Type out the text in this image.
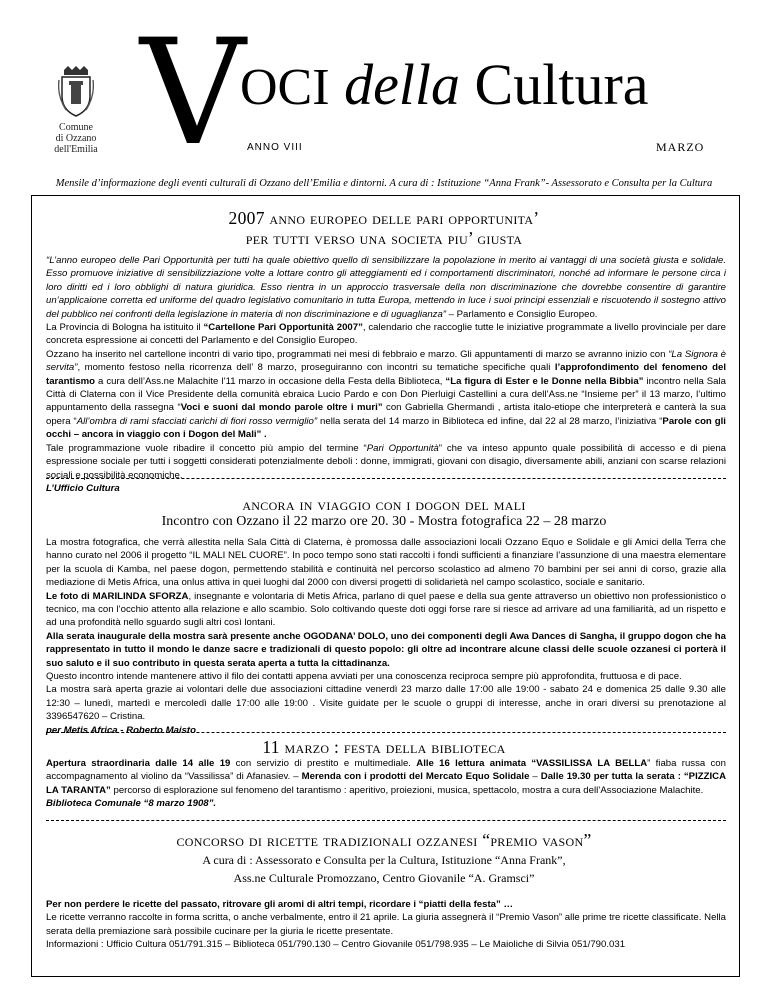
Comune
di Ozzano
dell'Emilia V
OCI della Cultura
ANNO VIII	MARZO
Mensile d’informazione degli eventi culturali di Ozzano dell’Emilia e dintorni. A cura di : Istituzione “Anna Frank”- Assessorato e Consulta per la Cultura
2007 anno europeo delle pari opportunita’
per tutti verso una societa piu’ giusta

“L’anno europeo delle Pari Opportunità per tutti ha quale obiettivo quello di sensibilizzare la popolazione in merito ai vantaggi di una società giusta e solidale. Esso promuove iniziative di sensibilizziazione volte a lottare contro gli atteggiamenti ed i comportamenti discriminatori, nonché ad informare le persone circa i loro diritti ed i loro obblighi di natura giuridica. Esso rientra in un approccio trasversale della non discriminazione che dovrebbe consentire di garantire un’applicaione corretta ed uniforme del quadro legislativo comunitario in tutta Europa, mettendo in luce i suoi principi essenziali e riscuotendo il sostegno attivo del pubblico nei confronti della legislazione in materia di non discriminazione e di uguaglianza” – Parlamento e Consiglio Europeo.

La Provincia di Bologna ha istituito il “Cartellone Pari Opportunità 2007”, calendario che raccoglie tutte le iniziative programmate a livello provinciale per dare concreta espressione ai concetti del Parlamento e del Consiglio Europeo.

Ozzano ha inserito nel cartellone incontri di vario tipo, programmati nei mesi di febbraio e marzo. Gli appuntamenti di marzo se avranno inizio con “La Signora è servita”, momento festoso nella ricorrenza dell’ 8 marzo, proseguiranno con incontri su tematiche specifiche quali l’approfondimento del fenomeno del tarantismo a cura dell’Ass.ne Malachite l’11 marzo in occasione della Festa della Biblioteca, “La figura di Ester e le Donne nella Bibbia” incontro nella Sala Città di Claterna con il Vice Presidente della comunità ebraica Lucio Pardo e con Don Pierluigi Castellini a cura dell’Ass.ne “Insieme per” il 13 marzo, l’ultimo appuntamento della rassegna “Voci e suoni dal mondo parole oltre i muri” con Gabriella Ghermandi , artista italo-etiope che interpreterà e canterà la sua opera “All’ombra di rami sfacciati carichi di fiori rosso vermiglio” nella serata del 14 marzo in Biblioteca ed infine, dal 22 al 28 marzo, l’iniziativa “Parole con gli occhi – ancora in viaggio con i Dogon del Mali” .

Tale programmazione vuole ribadire il concetto più ampio del termine “Pari Opportunità” che va inteso appunto quale possibilità di accesso e di piena espressione sociale per tutti i soggetti considerati potenzialmente deboli : donne, immigrati, giovani con disagio, diversamente abili, anziani con scarse relazioni sociali e possibilità economiche.

L’Ufficio Cultura

ancora in viaggio con i dogon del mali
Incontro con Ozzano il 22 marzo ore 20. 30 - Mostra fotografica 22 – 28 marzo

La mostra fotografica, che verrà allestita nella Sala Città di Claterna, è promossa dalle associazioni locali Ozzano Equo e Solidale e gli Amici della Terra che hanno curato nel 2006 il progetto “IL MALI NEL CUORE”. In poco tempo sono stati raccolti i fondi sufficienti a finanziare l’assunzione di una maestra elementare per la scuola di Kamba, nel paese dogon, permettendo stabilità e continuità nel percorso scolastico ad almeno 70 bambini per sei anni di corso, grazie alla mediazione di Metis Africa, una onlus attiva in quei luoghi dal 2000 con diversi progetti di solidarietà nel campo scolastico, sociale e sanitario.

Le foto di MARILINDA SFORZA, insegnante e volontaria di Metis Africa, parlano di quel paese e della sua gente attraverso un obiettivo non professionistico o tecnico, ma con l’occhio attento alla relazione e allo scambio. Solo coltivando queste doti oggi forse rare si riesce ad arrivare ad una familiarità, ad un rispetto e ad una profondità nello sguardo sugli altri così lontani.

Alla serata inaugurale della mostra sarà presente anche OGODANA’ DOLO, uno dei componenti degli Awa Dances di Sangha, il gruppo dogon che ha rappresentato in tutto il mondo le danze sacre e tradizionali di questo popolo: gli oltre ad incontrare alcune classi delle scuole ozzanesi ci porterà il suo saluto e il suo contributo in questa serata aperta a tutta la cittadinanza.

Questo incontro intende mantenere attivo il filo dei contatti appena avviati per una conoscenza reciproca sempre più approfondita, fruttuosa e di pace.

La mostra sarà aperta grazie ai volontari delle due associazioni cittadine venerdì 23 marzo dalle 17:00 alle 19:00 - sabato 24 e domenica 25 dalle 9.30 alle 12:30 – lunedì, martedì e mercoledì dalle 17:00 alle 19:00 . Visite guidate per le scuole o gruppi di interesse, anche in orari diversi su prenotazione al 3396547620 – Cristina.

per Metis Africa - Roberto Maisto

11 marzo : festa della biblioteca

Apertura straordinaria dalle 14 alle 19 con servizio di prestito e multimediale. Alle 16 lettura animata “VASSILISSA LA BELLA” fiaba russa con accompagnamento al violino da “Vassilissa” di Afanasiev. – Merenda con i prodotti del Mercato Equo Solidale – Dalle 19.30 per tutta la serata : “PIZZICA LA TARANTA” percorso di esplorazione sul fenomeno del tarantismo : aperitivo, proiezioni, musica, spettacolo, mostra a cura dell’Associazione Malachite.

Biblioteca Comunale “8 marzo 1908”.

concorso di ricette tradizionali ozzanesi “premio vason”
A cura di : Assessorato e Consulta per la Cultura, Istituzione “Anna Frank”,
Ass.ne Culturale Promozzano, Centro Giovanile “A. Gramsci”

Per non perdere le ricette del passato, ritrovare gli aromi di altri tempi, ricordare i “piatti della festa” …

Le ricette verranno raccolte in forma scritta, o anche verbalmente, entro il 21 aprile. La giuria assegnerà il “Premio Vason” alle prime tre ricette classificate. Nella serata della premiazione sarà possibile cucinare per la giuria le ricette presentate.

Informazioni : Ufficio Cultura 051/791.315 – Biblioteca 051/790.130 – Centro Giovanile 051/798.935 – Le Maioliche di Silvia 051/790.031
